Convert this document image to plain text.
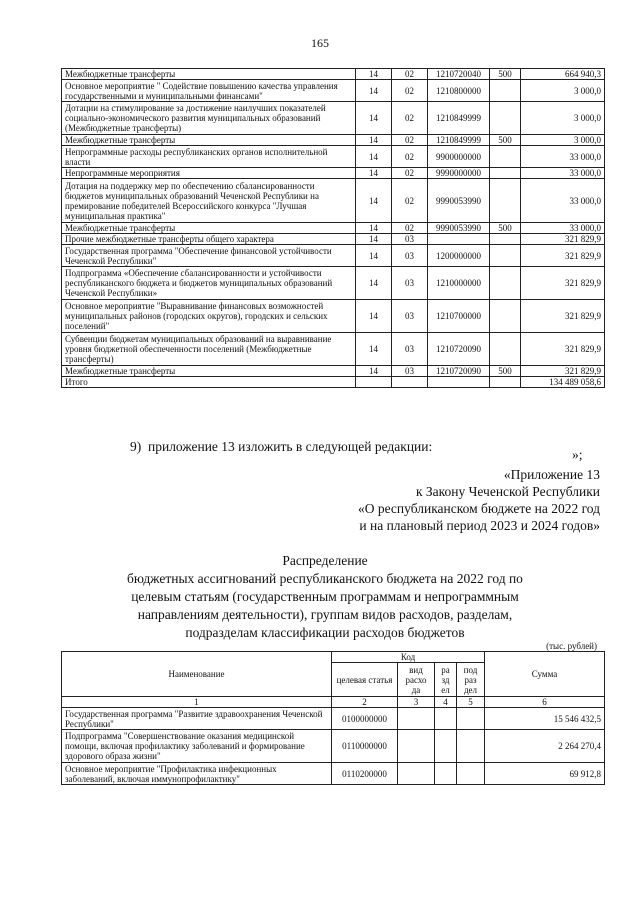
165
Межбюджетные трансферты	14	02	1210720040	500	664 940,3
Основное мероприятие " Содействие повышению качества управления государственными и муниципальными финансами"	14	02	1210800000		3 000,0
Дотации на стимулирование за достижение наилучших показателей социально-экономического развития муниципальных образований (Межбюджетные трансферты)	14	02	1210849999		3 000,0
Межбюджетные трансферты	14	02	1210849999	500	3 000,0
Непрограммные расходы республиканских органов исполнительной власти	14	02	9900000000		33 000,0
Непрограммные мероприятия	14	02	9990000000		33 000,0
Дотация на поддержку мер по обеспечению сбалансированности бюджетов муниципальных образований Чеченской Республики на премирование победителей Всероссийского конкурса "Лучшая муниципальная практика"	14	02	9990053990		33 000,0
Межбюджетные трансферты	14	02	9990053990	500	33 000,0
Прочие межбюджетные трансферты общего характера	14	03			321 829,9
Государственная программа "Обеспечение финансовой устойчивости Чеченской Республики"	14	03	1200000000		321 829,9
Подпрограмма «Обеспечение сбалансированности и устойчивости республиканского бюджета и бюджетов муниципальных образований Чеченской Республики»	14	03	1210000000		321 829,9
Основное мероприятие "Выравнивание финансовых возможностей муниципальных районов (городских округов), городских и сельских поселений"	14	03	1210700000		321 829,9
Субвенции бюджетам муниципальных образований на выравнивание уровня бюджетной обеспеченности поселений (Межбюджетные трансферты)	14	03	1210720090		321 829,9
Межбюджетные трансферты	14	03	1210720090	500	321 829,9
Итого					134 489 058,6
9)  приложение 13 изложить в следующей редакции:
»;
«Приложение 13
к Закону Чеченской Республики
«О республиканском бюджете на 2022 год
и на плановый период 2023 и 2024 годов»
Распределение
бюджетных ассигнований республиканского бюджета на 2022 год по
целевым статьям (государственным программам и непрограммным
направлениям деятельности), группам видов расходов, разделам,
подразделам классификации расходов бюджетов
(тыс. рублей)
Наименование	Код				Сумма
	целевая статья	вид расхо да	ра зд ел	под раз дел	
1	2	3	4	5	6
Государственная программа "Развитие здравоохранения Чеченской Республики"	0100000000				15 546 432,5
Подпрограмма "Совершенствование оказания медицинской помощи, включая профилактику заболеваний и формирование здорового образа жизни"	0110000000				2 264 270,4
Основное мероприятие "Профилактика инфекционных заболеваний, включая иммунопрофилактику"	0110200000				69 912,8
